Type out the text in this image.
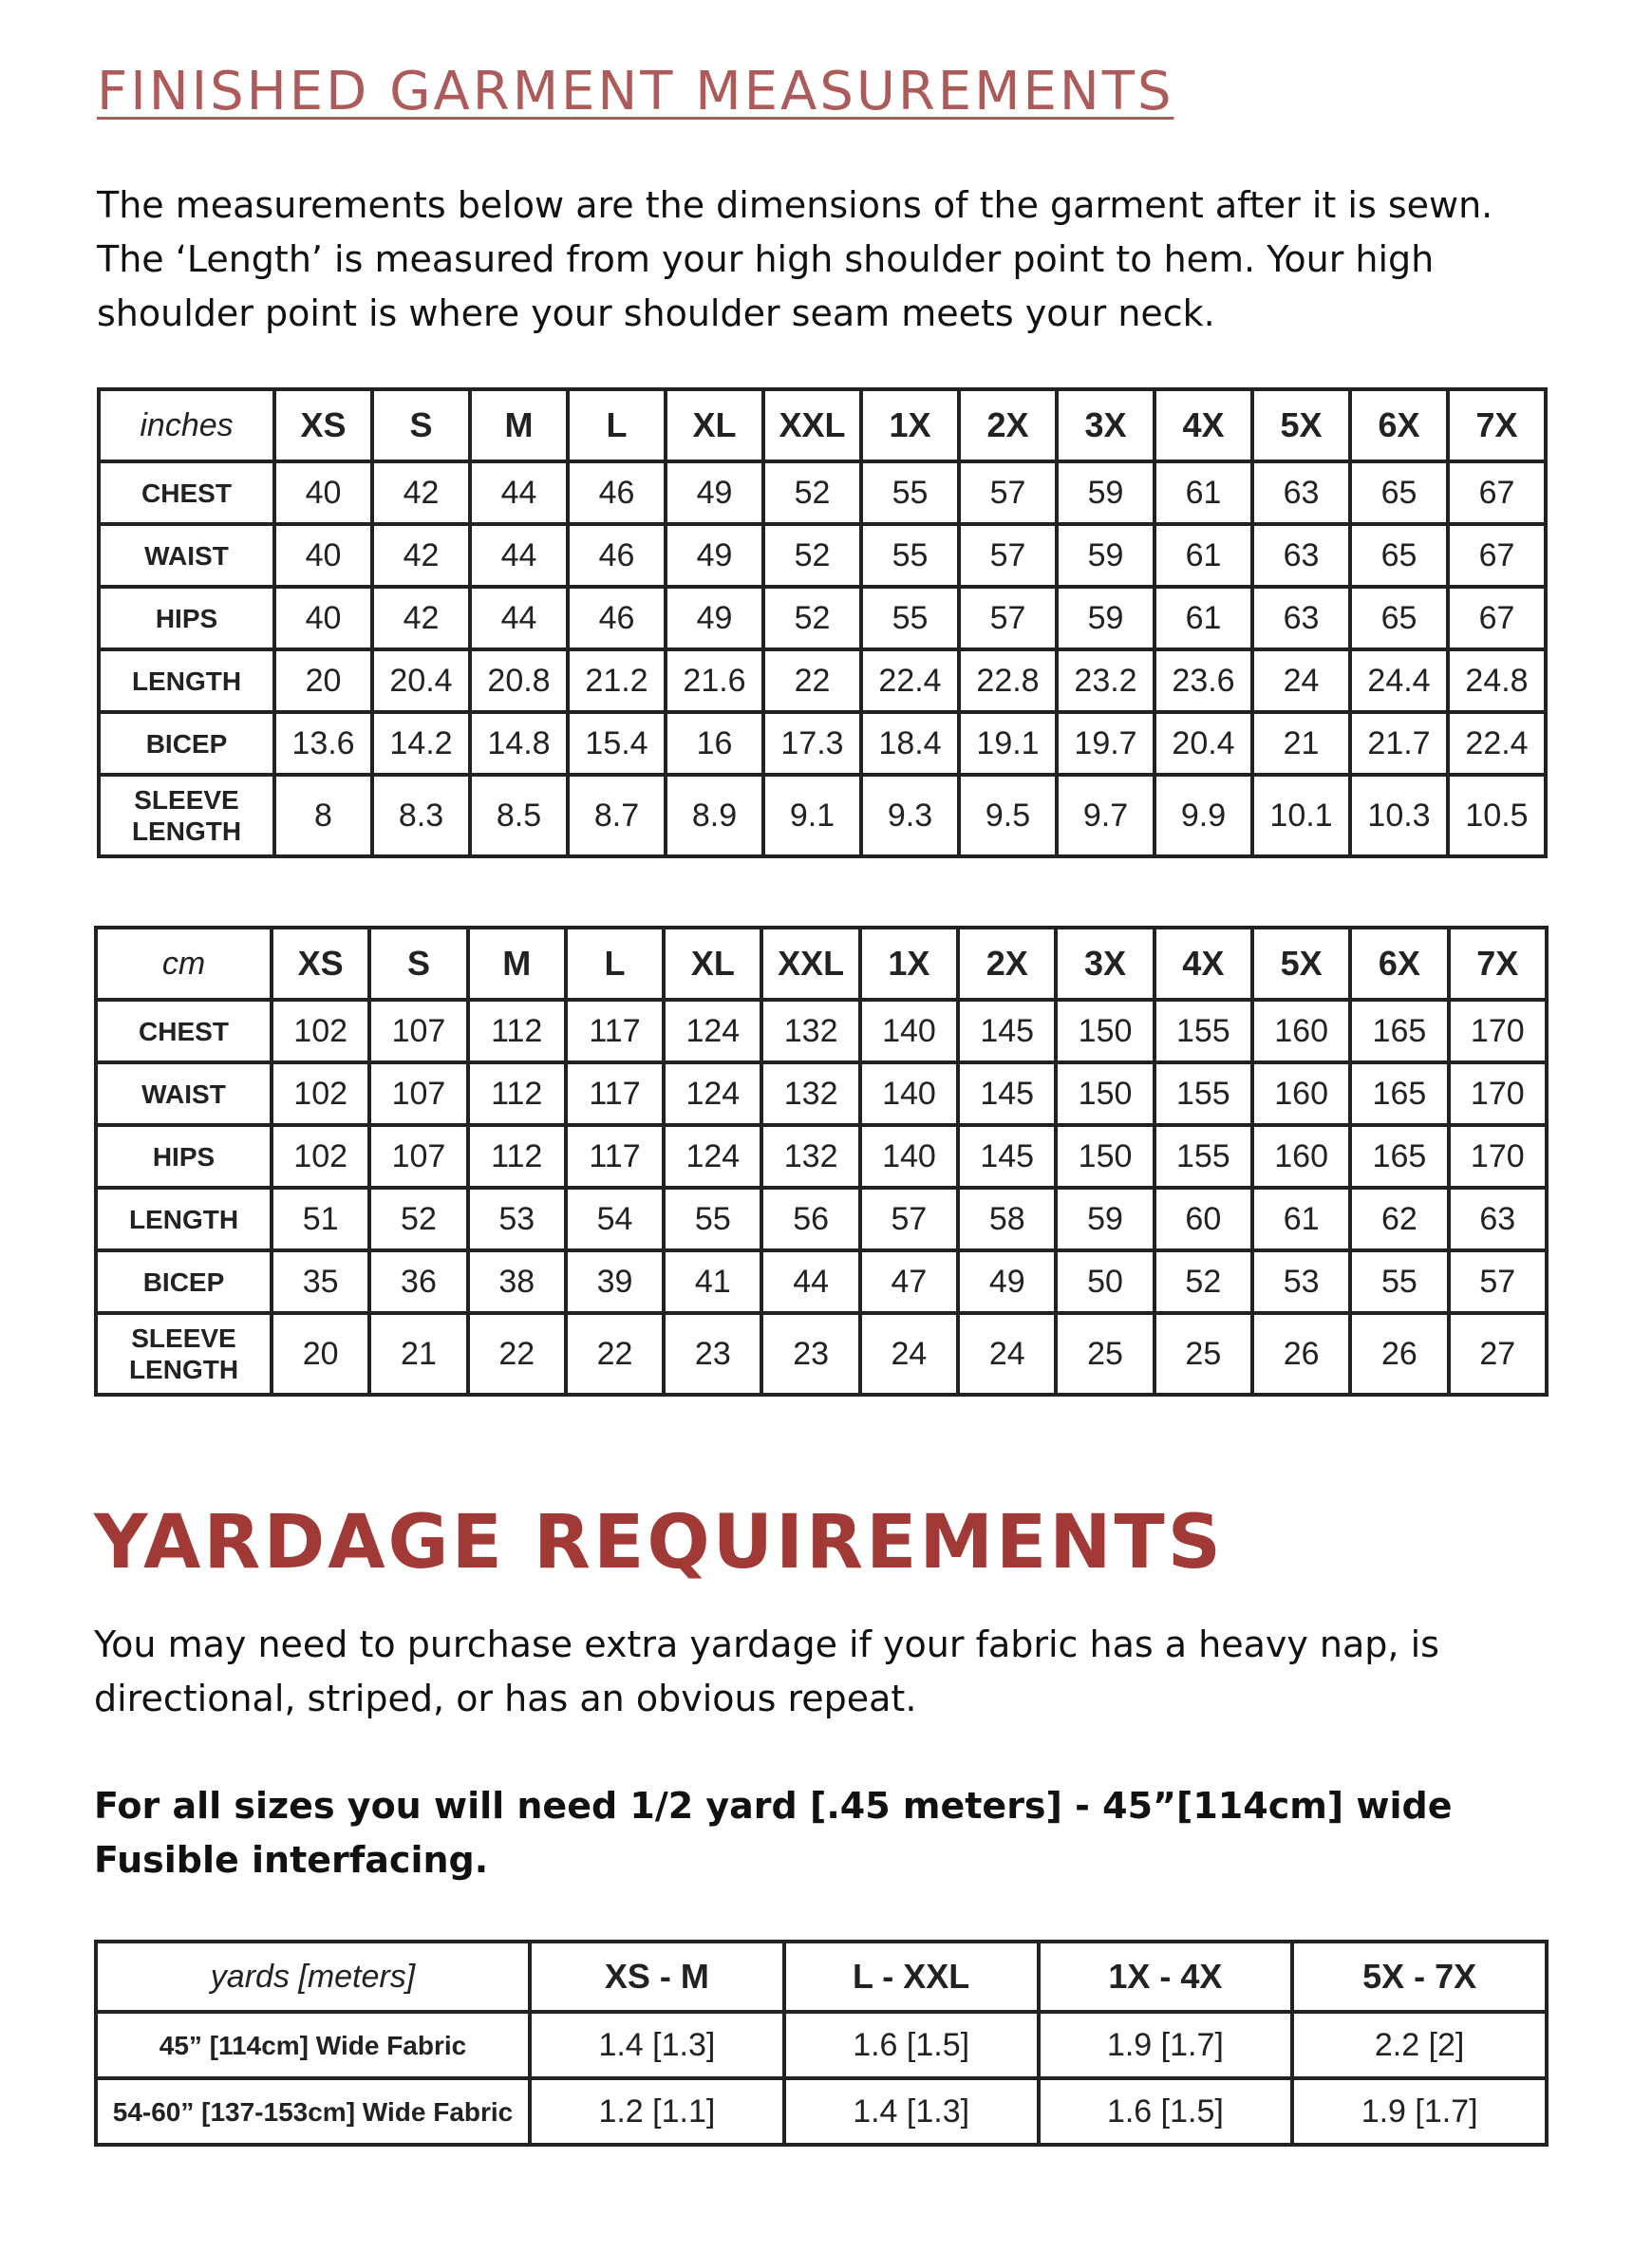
FINISHED GARMENT MEASUREMENTS

The measurements below are the dimensions of the garment after it is sewn. The ‘Length’ is measured from your high shoulder point to hem. Your high shoulder point is where your shoulder seam meets your neck.

inches	XS	S	M	L	XL	XXL	1X	2X	3X	4X	5X	6X	7X
CHEST	40	42	44	46	49	52	55	57	59	61	63	65	67
WAIST	40	42	44	46	49	52	55	57	59	61	63	65	67
HIPS	40	42	44	46	49	52	55	57	59	61	63	65	67
LENGTH	20	20.4	20.8	21.2	21.6	22	22.4	22.8	23.2	23.6	24	24.4	24.8
BICEP	13.6	14.2	14.8	15.4	16	17.3	18.4	19.1	19.7	20.4	21	21.7	22.4

SLEEVE
LENGTH	8	8.3	8.5	8.7	8.9	9.1	9.3	9.5	9.7	9.9	10.1	10.3	10.5
cm	XS	S	M	L	XL	XXL	1X	2X	3X	4X	5X	6X	7X
CHEST	102	107	112	117	124	132	140	145	150	155	160	165	170
WAIST	102	107	112	117	124	132	140	145	150	155	160	165	170
HIPS	102	107	112	117	124	132	140	145	150	155	160	165	170
LENGTH	51	52	53	54	55	56	57	58	59	60	61	62	63
BICEP	35	36	38	39	41	44	47	49	50	52	53	55	57

SLEEVE
LENGTH	20	21	22	22	23	23	24	24	25	25	26	26	27
YARDAGE REQUIREMENTS

You may need to purchase extra yardage if your fabric has a heavy nap, is directional, striped, or has an obvious repeat.

For all sizes you will need 1/2 yard [.45 meters] - 45”[114cm] wide Fusible interfacing.

yards [meters]	XS - M	L - XXL	1X - 4X	5X - 7X
45” [114cm] Wide Fabric	1.4 [1.3]	1.6 [1.5]	1.9 [1.7]	2.2 [2]
54-60” [137-153cm] Wide Fabric	1.2 [1.1]	1.4 [1.3]	1.6 [1.5]	1.9 [1.7]
